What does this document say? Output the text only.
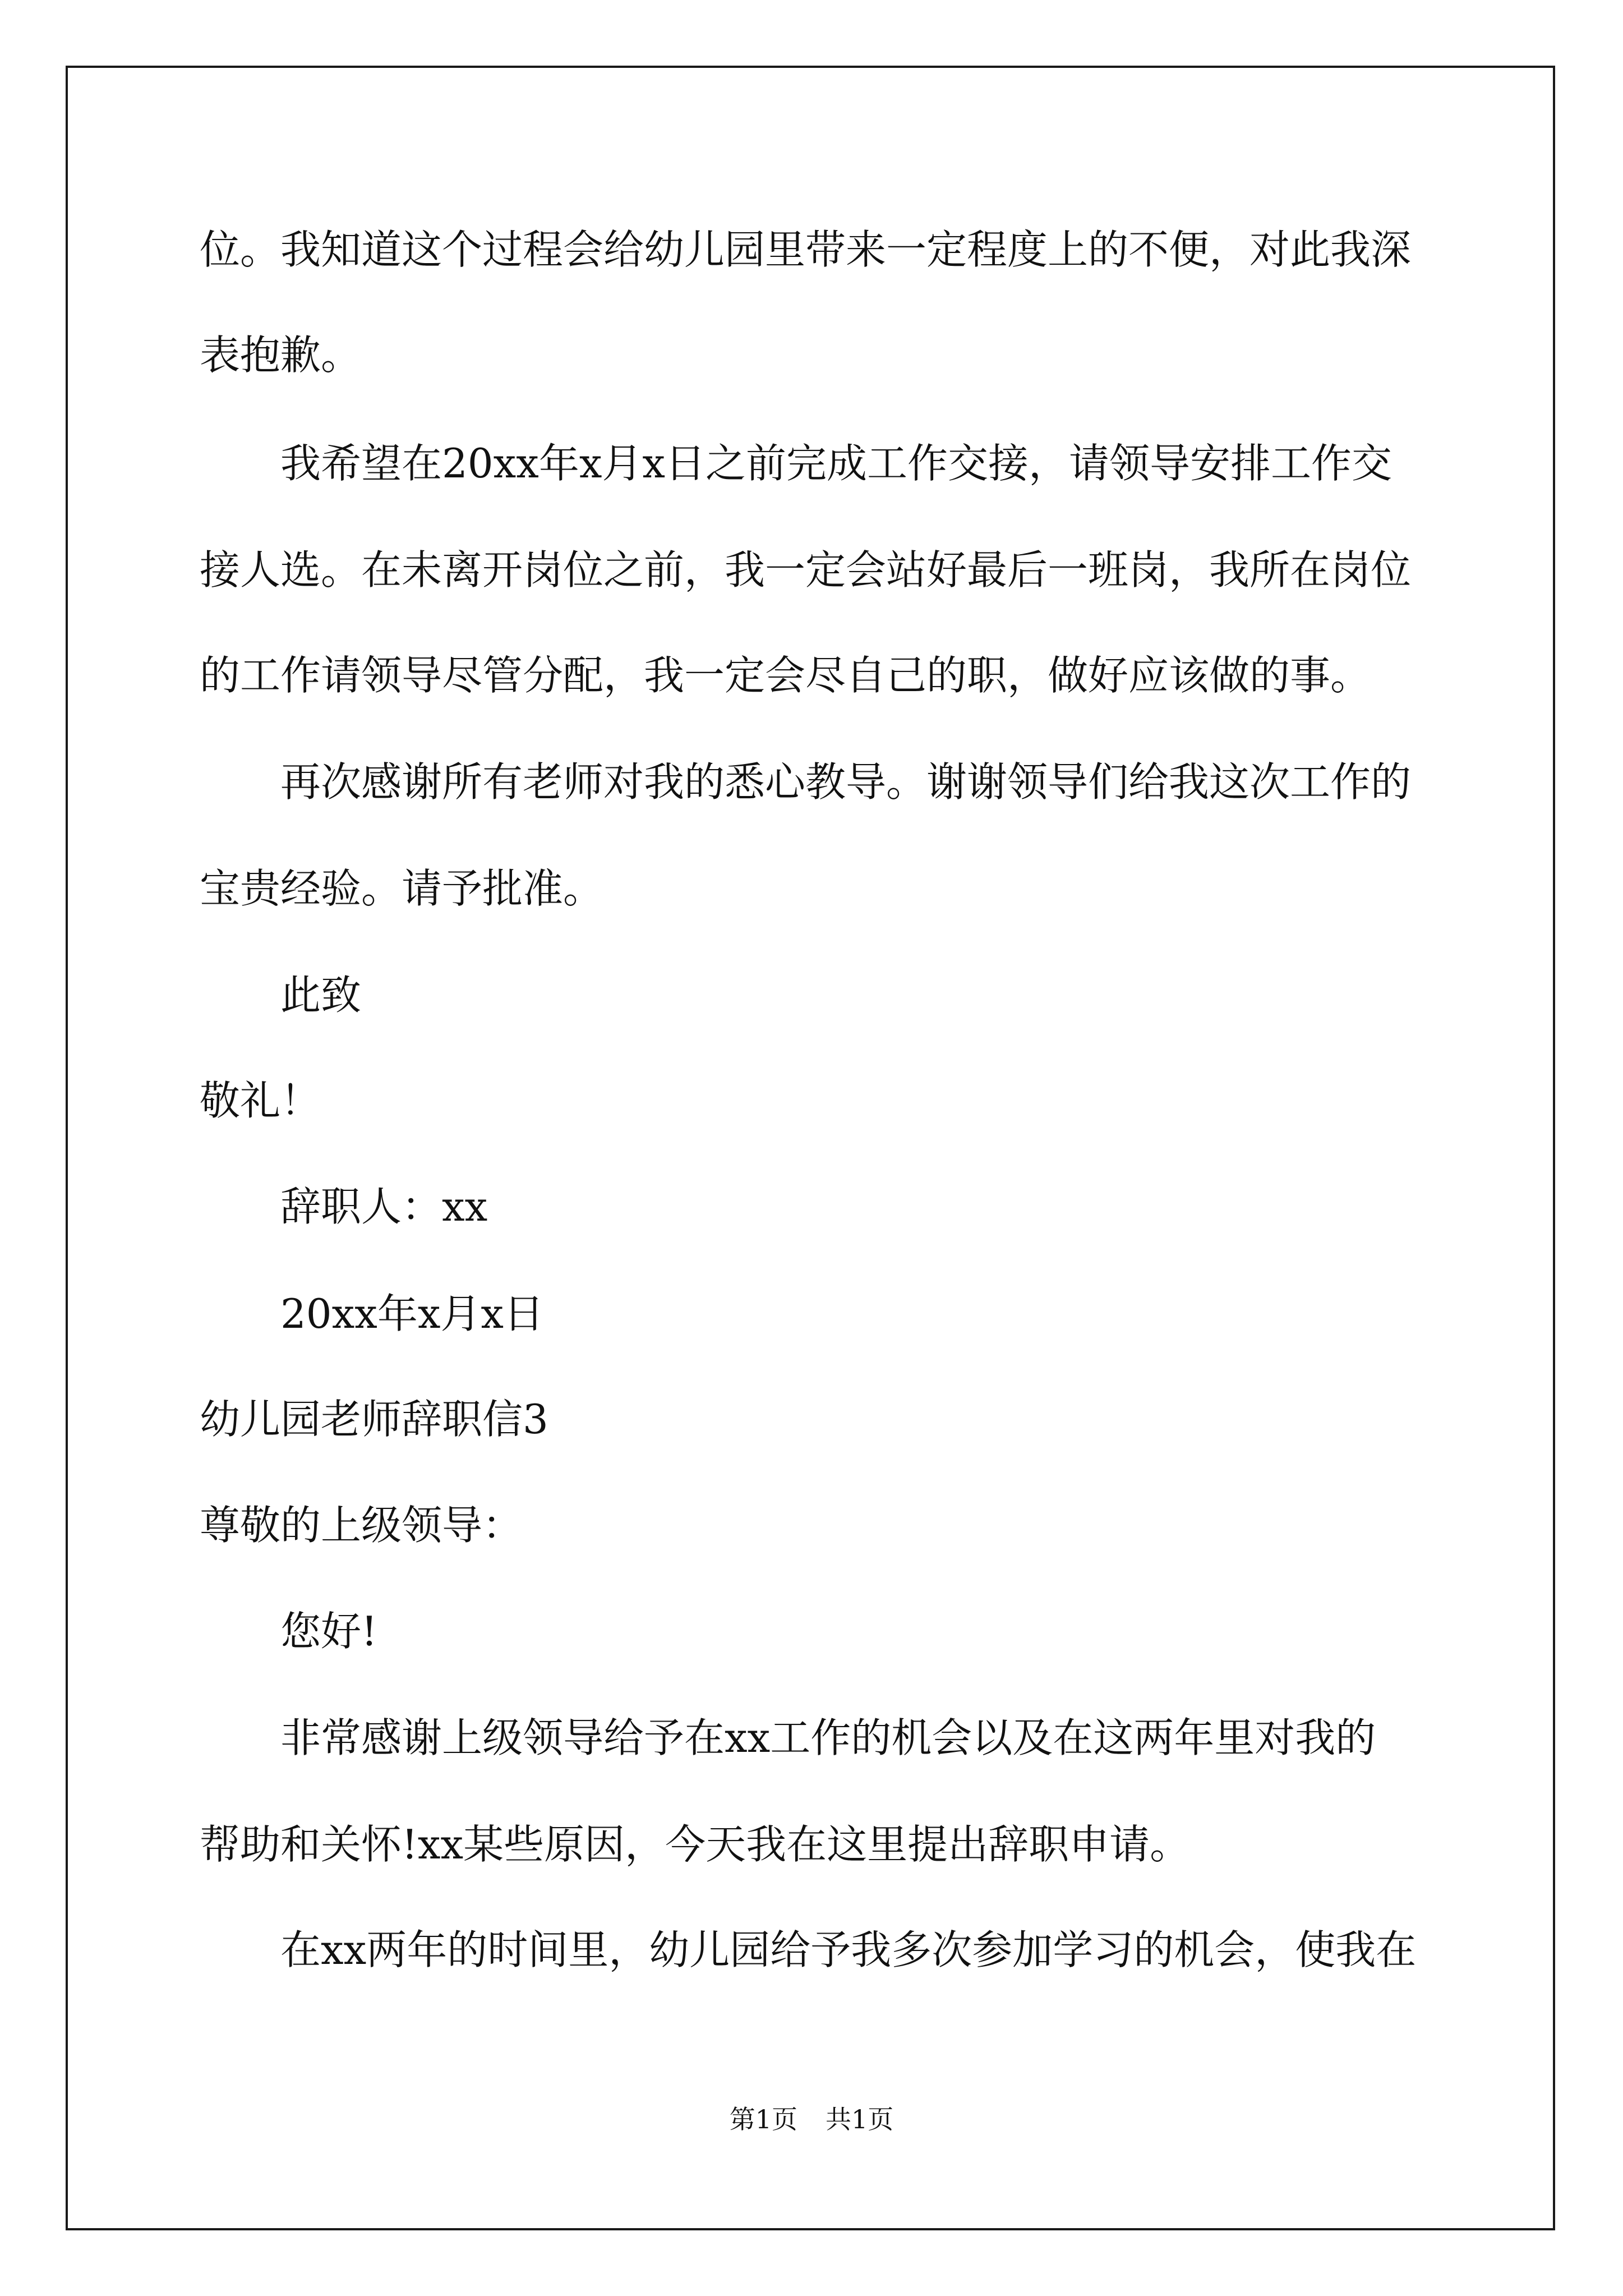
位。我知道这个过程会给幼儿园里带来一定程度上的不便，对此我深

表抱歉。

我希望在20xx年x月x日之前完成工作交接，请领导安排工作交

接人选。在未离开岗位之前，我一定会站好最后一班岗，我所在岗位

的工作请领导尽管分配，我一定会尽自己的职，做好应该做的事。

再次感谢所有老师对我的悉心教导。谢谢领导们给我这次工作的

宝贵经验。请予批准。

此致

敬礼！

辞职人：xx

20xx年x月x日

幼儿园老师辞职信3

尊敬的上级领导：

您好!

非常感谢上级领导给予在xx工作的机会以及在这两年里对我的

帮助和关怀!xx某些原因，今天我在这里提出辞职申请。

在xx两年的时间里，幼儿园给予我多次参加学习的机会，使我在

第1页 共1页
